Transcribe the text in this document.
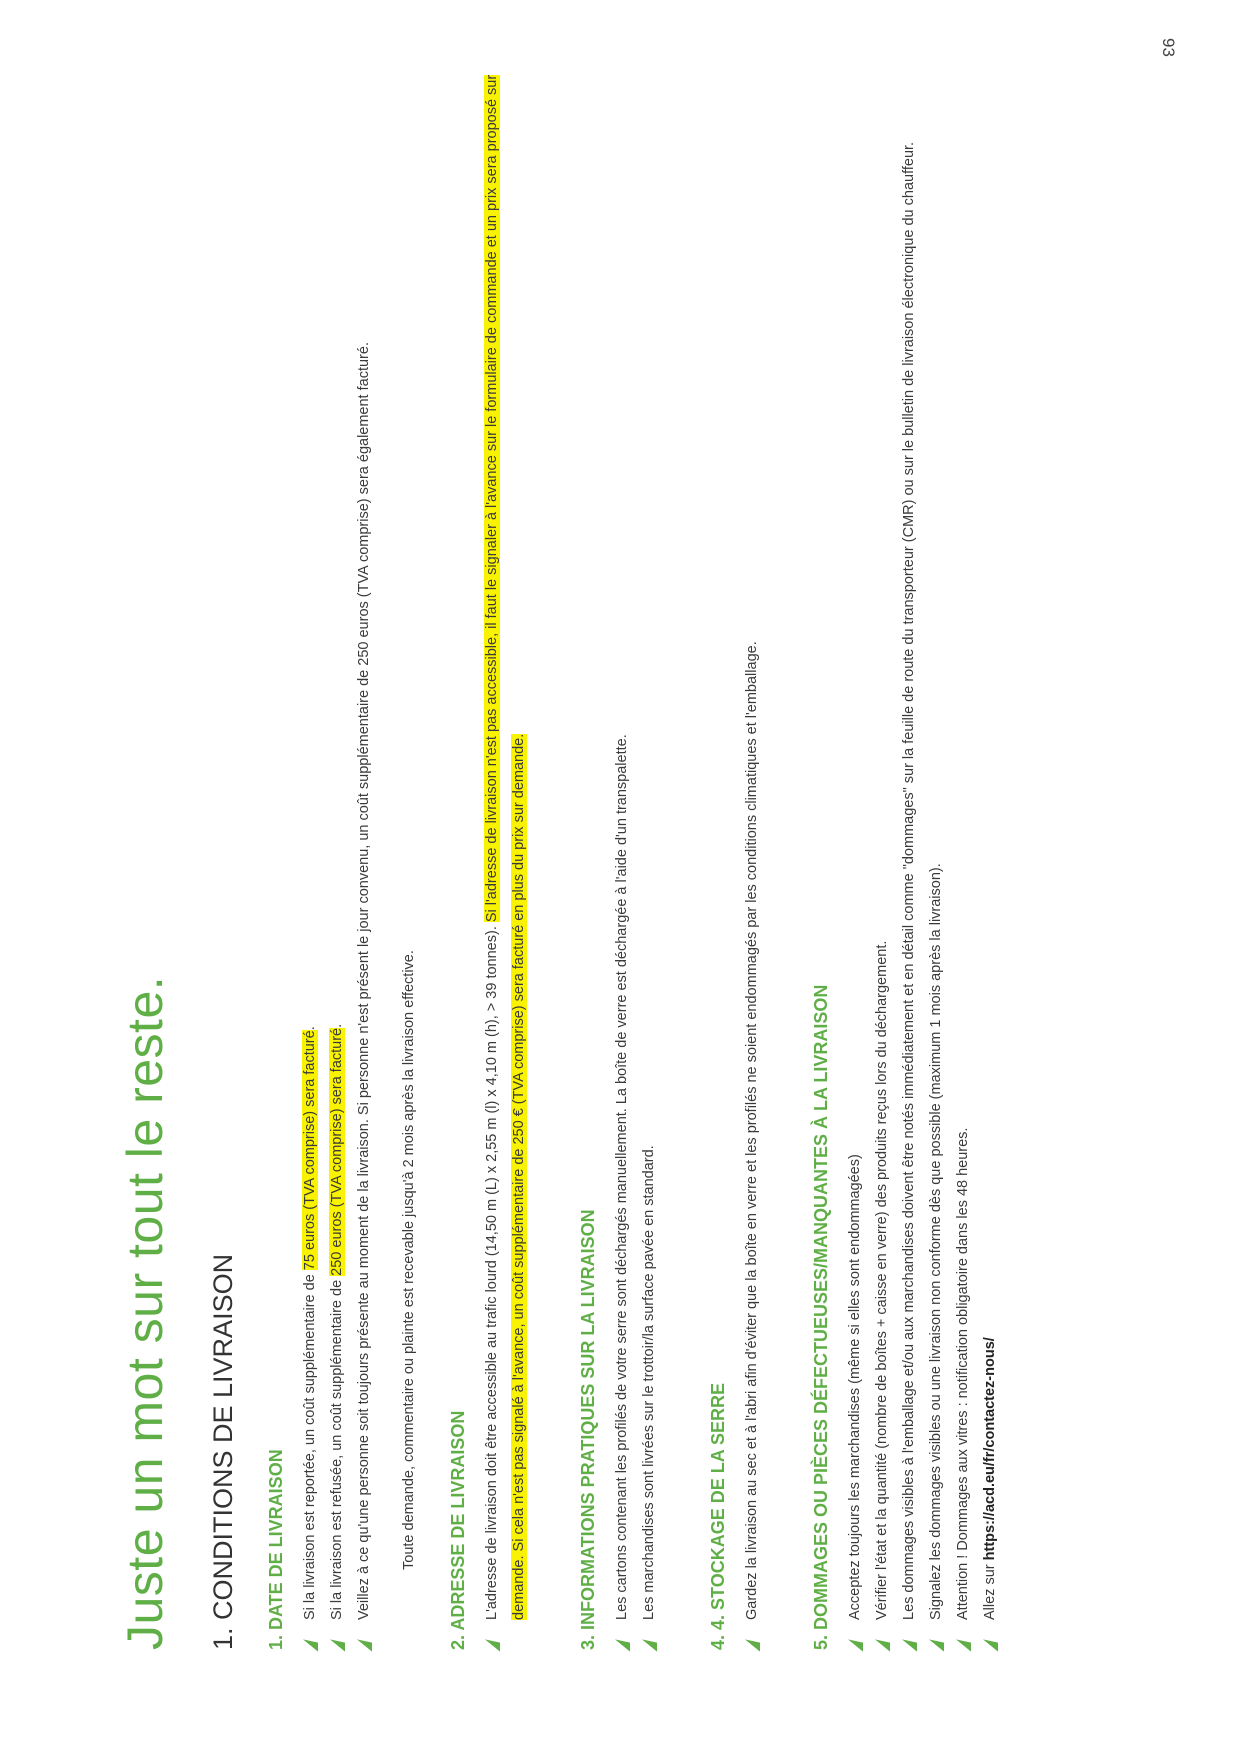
93
Juste un mot sur tout le reste.	1. CONDITIONS DE LIVRAISON	1. DATE DE LIVRAISON	Si la livraison est reportée, un coût supplémentaire de 75 euros (TVA comprise) sera facturé.
Si la livraison est refusée, un coût supplémentaire de 250 euros (TVA comprise) sera facturé. Veillez à ce qu'une personne soit toujours présente au moment de la livraison. Si personne n'est présent le jour convenu, un coût supplémentaire de 250 euros (TVA comprise) sera également facturé.	Toute demande, commentaire ou plainte est recevable jusqu'à 2 mois après la livraison effective.	2. ADRESSE DE LIVRAISON	L'adresse de livraison doit être accessible au trafic lourd (14,50 m (L) x 2,55 m (l) x 4,10 m (h), > 39 tonnes). Si l'adresse de livraison n'est pas accessible, il faut le signaler à l'avance sur le formulaire de commande et un prix sera proposé sur demande. Si cela n'est pas signalé à l'avance, un coût supplémentaire de 250 € (TVA comprise) sera facturé en plus du prix sur demande.	3. INFORMATIONS PRATIQUES SUR LA LIVRAISON	Les cartons contenant les profilés de votre serre sont déchargés manuellement. La boîte de verre est déchargée à l'aide d'un transpalette. Les marchandises sont livrées sur le trottoir/la surface pavée en standard.	4. 4. STOCKAGE DE LA SERRE	Gardez la livraison au sec et à l'abri afin d'éviter que la boîte en verre et les profilés ne soient endommagés par les conditions climatiques et l'emballage.	5. DOMMAGES OU PIÈCES DÉFECTUEUSES/MANQUANTES À LA LIVRAISON	Acceptez toujours les marchandises (même si elles sont endommagées) Vérifier l'état et la quantité (nombre de boîtes + caisse en verre) des produits reçus lors du déchargement. Les dommages visibles à l'emballage et/ou aux marchandises doivent être notés immédiatement et en détail comme "dommages" sur la feuille de route du transporteur (CMR) ou sur le bulletin de livraison électronique du chauffeur. Signalez les dommages visibles ou une livraison non conforme dès que possible (maximum 1 mois après la livraison). Attention ! Dommages aux vitres : notification obligatoire dans les 48 heures. Allez sur https://acd.eu/fr/contactez-nous/
